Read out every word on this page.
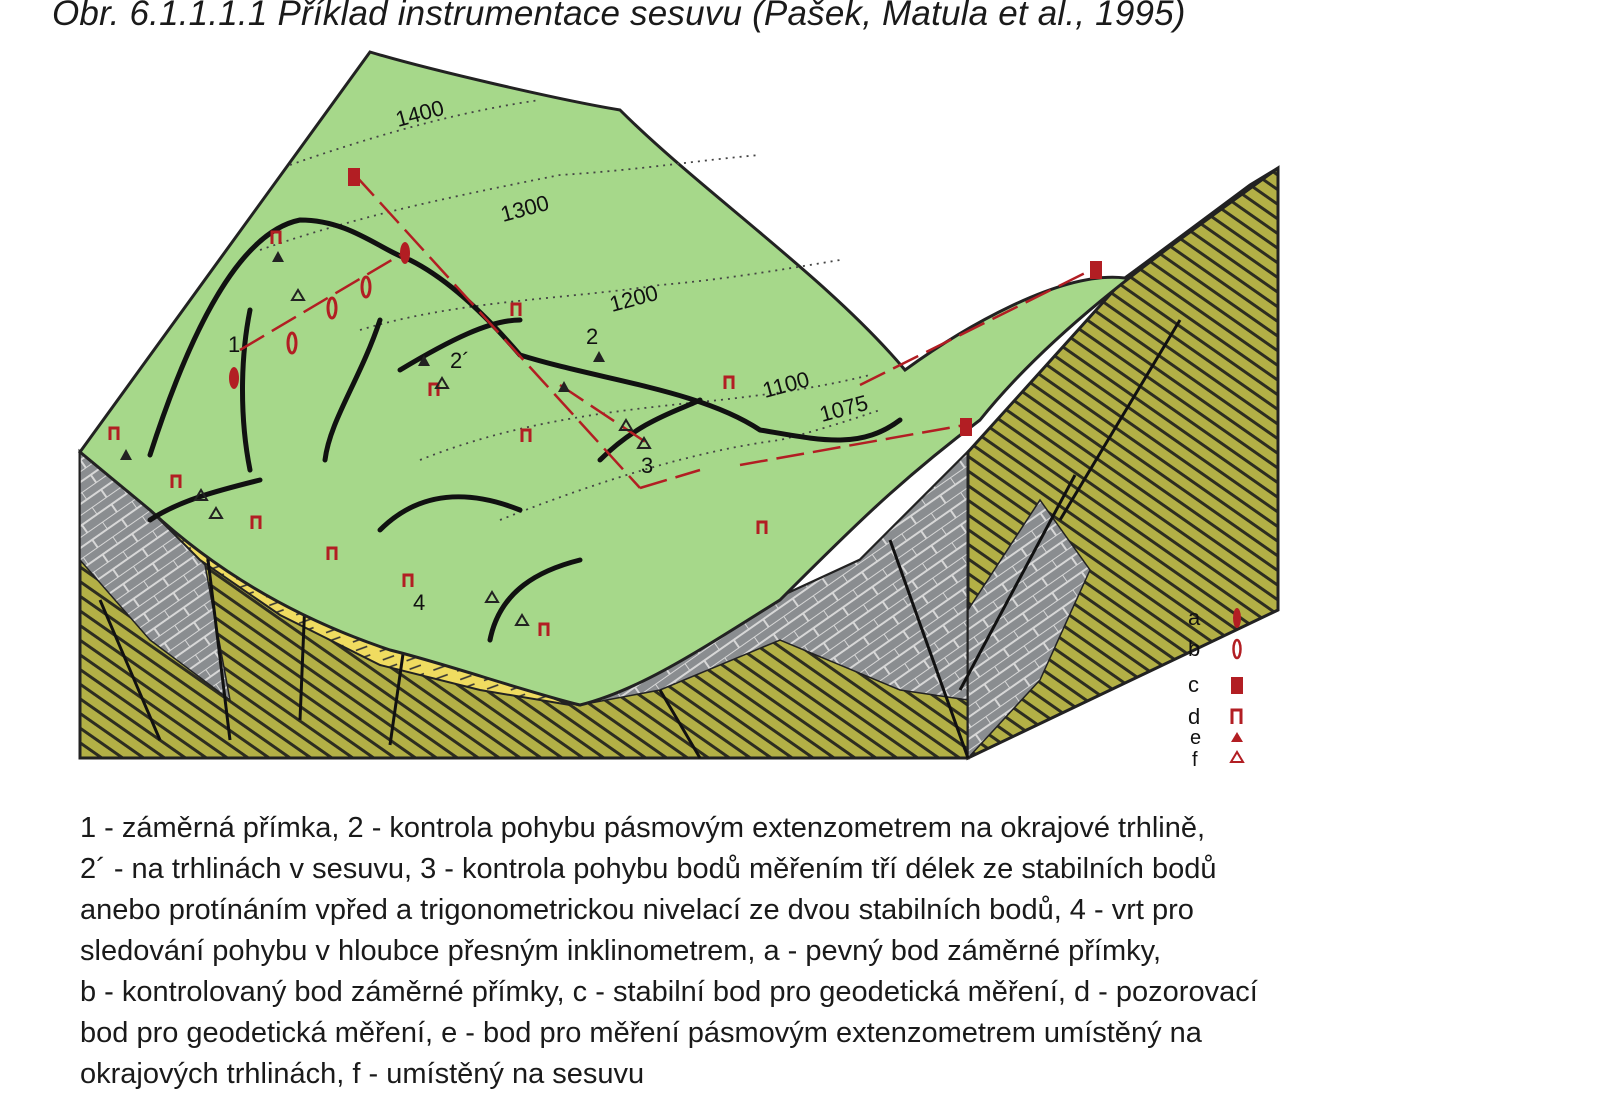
Obr. 6.1.1.1.1 Příklad instrumentace sesuvu (Pašek, Matula et al., 1995)
1400
1300
1200
1100
1075
1	2
2´
3
4
a
b
c
d
e
f
1 - záměrná přímka, 2 - kontrola pohybu pásmovým extenzometrem na okrajové trhlině,
2´ - na trhlinách v sesuvu, 3 - kontrola pohybu bodů měřením tří délek ze stabilních bodů
anebo protínáním vpřed a trigonometrickou nivelací ze dvou stabilních bodů, 4 - vrt pro
sledování pohybu v hloubce přesným inklinometrem, a - pevný bod záměrné přímky,
b - kontrolovaný bod záměrné přímky, c - stabilní bod pro geodetická měření, d - pozorovací
bod pro geodetická měření, e - bod pro měření pásmovým extenzometrem umístěný na
okrajových trhlinách, f - umístěný na sesuvu
